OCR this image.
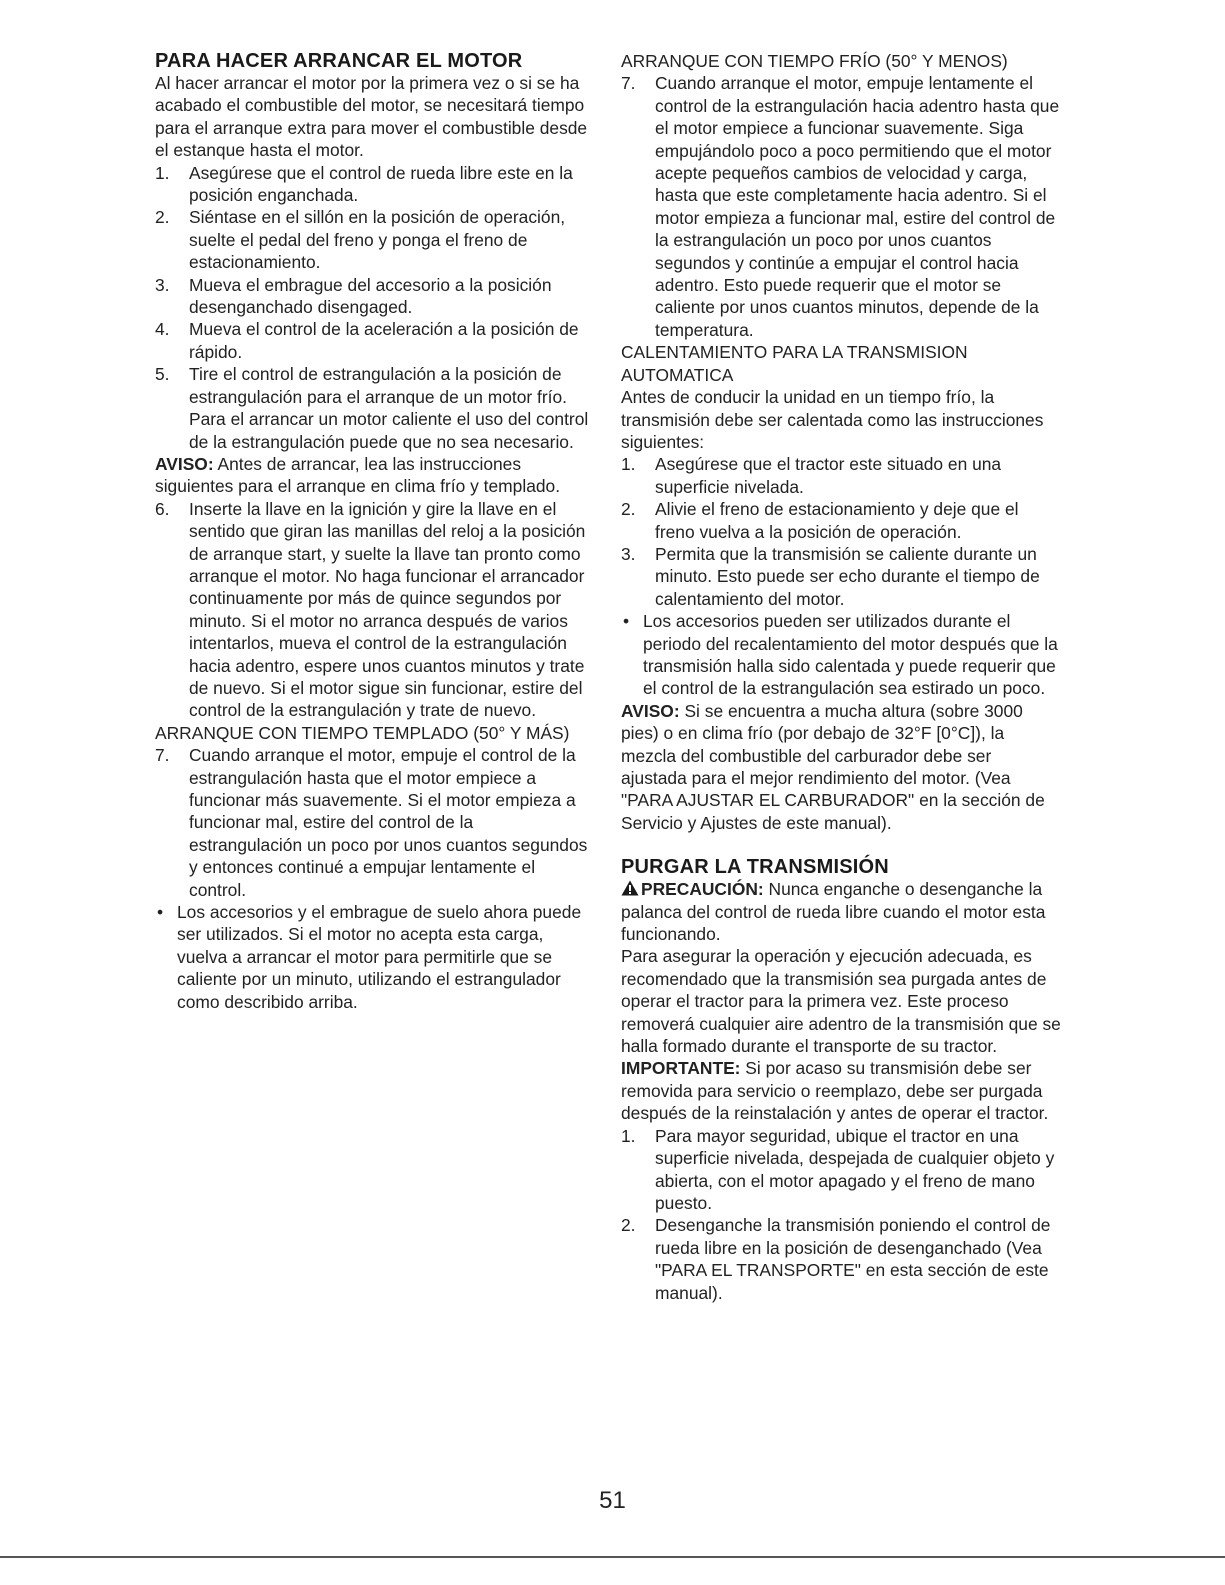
PARA HACER ARRANCAR EL MOTOR
Al hacer arrancar el motor por la primera vez o si se ha acabado el combustible del motor, se necesitará tiempo para el arranque extra para mover el combustible desde el estanque hasta el motor.
1.	Asegúrese que el control de rueda libre este en la posición enganchada.
2.	Siéntase en el sillón en la posición de operación, suelte el pedal del freno y ponga el freno de estacionamiento.
3.	Mueva el embrague del accesorio a la posición desenganchado disengaged.
4.	Mueva el control de la aceleración a la posición de rápido.
5.	Tire el control de estrangulación a la posición de estrangulación para el arranque de un motor frío. Para el arrancar un motor caliente el uso del control de la estrangulación puede que no sea necesario.
AVISO: Antes de arrancar, lea las instrucciones siguientes para el arranque en clima frío y templado.
6.	Inserte la llave en la ignición y gire la llave en el sentido que giran las manillas del reloj a la posición de arranque start, y suelte la llave tan pronto como arranque el motor. No haga funcionar el arrancador continuamente por más de quince segundos por minuto. Si el motor no arranca después de varios intentarlos, mueva el control de la estrangulación hacia adentro, espere unos cuantos minutos y trate de nuevo. Si el motor sigue sin funcionar, estire del control de la estrangulación y trate de nuevo.
ARRANQUE CON TIEMPO TEMPLADO (50° Y MÁS)
7.	Cuando arranque el motor, empuje el control de la estrangulación hasta que el motor empiece a funcionar más suavemente. Si el motor empieza a funcionar mal, estire del control de la estrangulación un poco por unos cuantos segundos y entonces continué a empujar lentamente el control.
• Los accesorios y el embrague de suelo ahora puede ser utilizados. Si el motor no acepta esta carga, vuelva a arrancar el motor para permitirle que se caliente por un minuto, utilizando el estrangulador como describido arriba.
ARRANQUE CON TIEMPO FRÍO (50° Y MENOS)
7.	Cuando arranque el motor, empuje lentamente el control de la estrangulación hacia adentro hasta que el motor empiece a funcionar suavemente. Siga empujándolo poco a poco permitiendo que el motor acepte pequeños cambios de velocidad y carga, hasta que este completamente hacia adentro. Si el motor empieza a funcionar mal, estire del control de la estrangulación un poco por unos cuantos segundos y continúe a empujar el control hacia adentro. Esto puede requerir que el motor se caliente por unos cuantos minutos, depende de la temperatura.
CALENTAMIENTO PARA LA TRANSMISION AUTOMATICA
Antes de conducir la unidad en un tiempo frío, la transmisión debe ser calentada como las instrucciones siguientes:
1.	Asegúrese que el tractor este situado en una superficie nivelada.
2.	Alivie el freno de estacionamiento y deje que el freno vuelva a la posición de operación.
3.	Permita que la transmisión se caliente durante un minuto. Esto puede ser echo durante el tiempo de calentamiento del motor.
• Los accesorios pueden ser utilizados durante el periodo del recalentamiento del motor después que la transmisión halla sido calentada y puede requerir que el control de la estrangulación sea estirado un poco.
AVISO: Si se encuentra a mucha altura (sobre 3000 pies) o en clima frío (por debajo de 32°F [0°C]), la mezcla del combustible del carburador debe ser ajustada para el mejor rendimiento del motor. (Vea "PARA AJUSTAR EL CARBURADOR" en la sección de Servicio y Ajustes de este manual).
PURGAR LA TRANSMISIÓN
PRECAUCIÓN: Nunca enganche o desenganche la palanca del control de rueda libre cuando el motor esta funcionando.
Para asegurar la operación y ejecución adecuada, es recomendado que la transmisión sea purgada antes de operar el tractor para la primera vez. Este proceso removerá cualquier aire adentro de la transmisión que se halla formado durante el transporte de su tractor.
IMPORTANTE: Si por acaso su transmisión debe ser removida para servicio o reemplazo, debe ser purgada después de la reinstalación y antes de operar el tractor.
1.	Para mayor seguridad, ubique el tractor en una superficie nivelada, despejada de cualquier objeto y abierta, con el motor apagado y el freno de mano puesto.
2.	Desenganche la transmisión poniendo el control de rueda libre en la posición de desenganchado (Vea "PARA EL TRANSPORTE" en esta sección de este manual).
51
